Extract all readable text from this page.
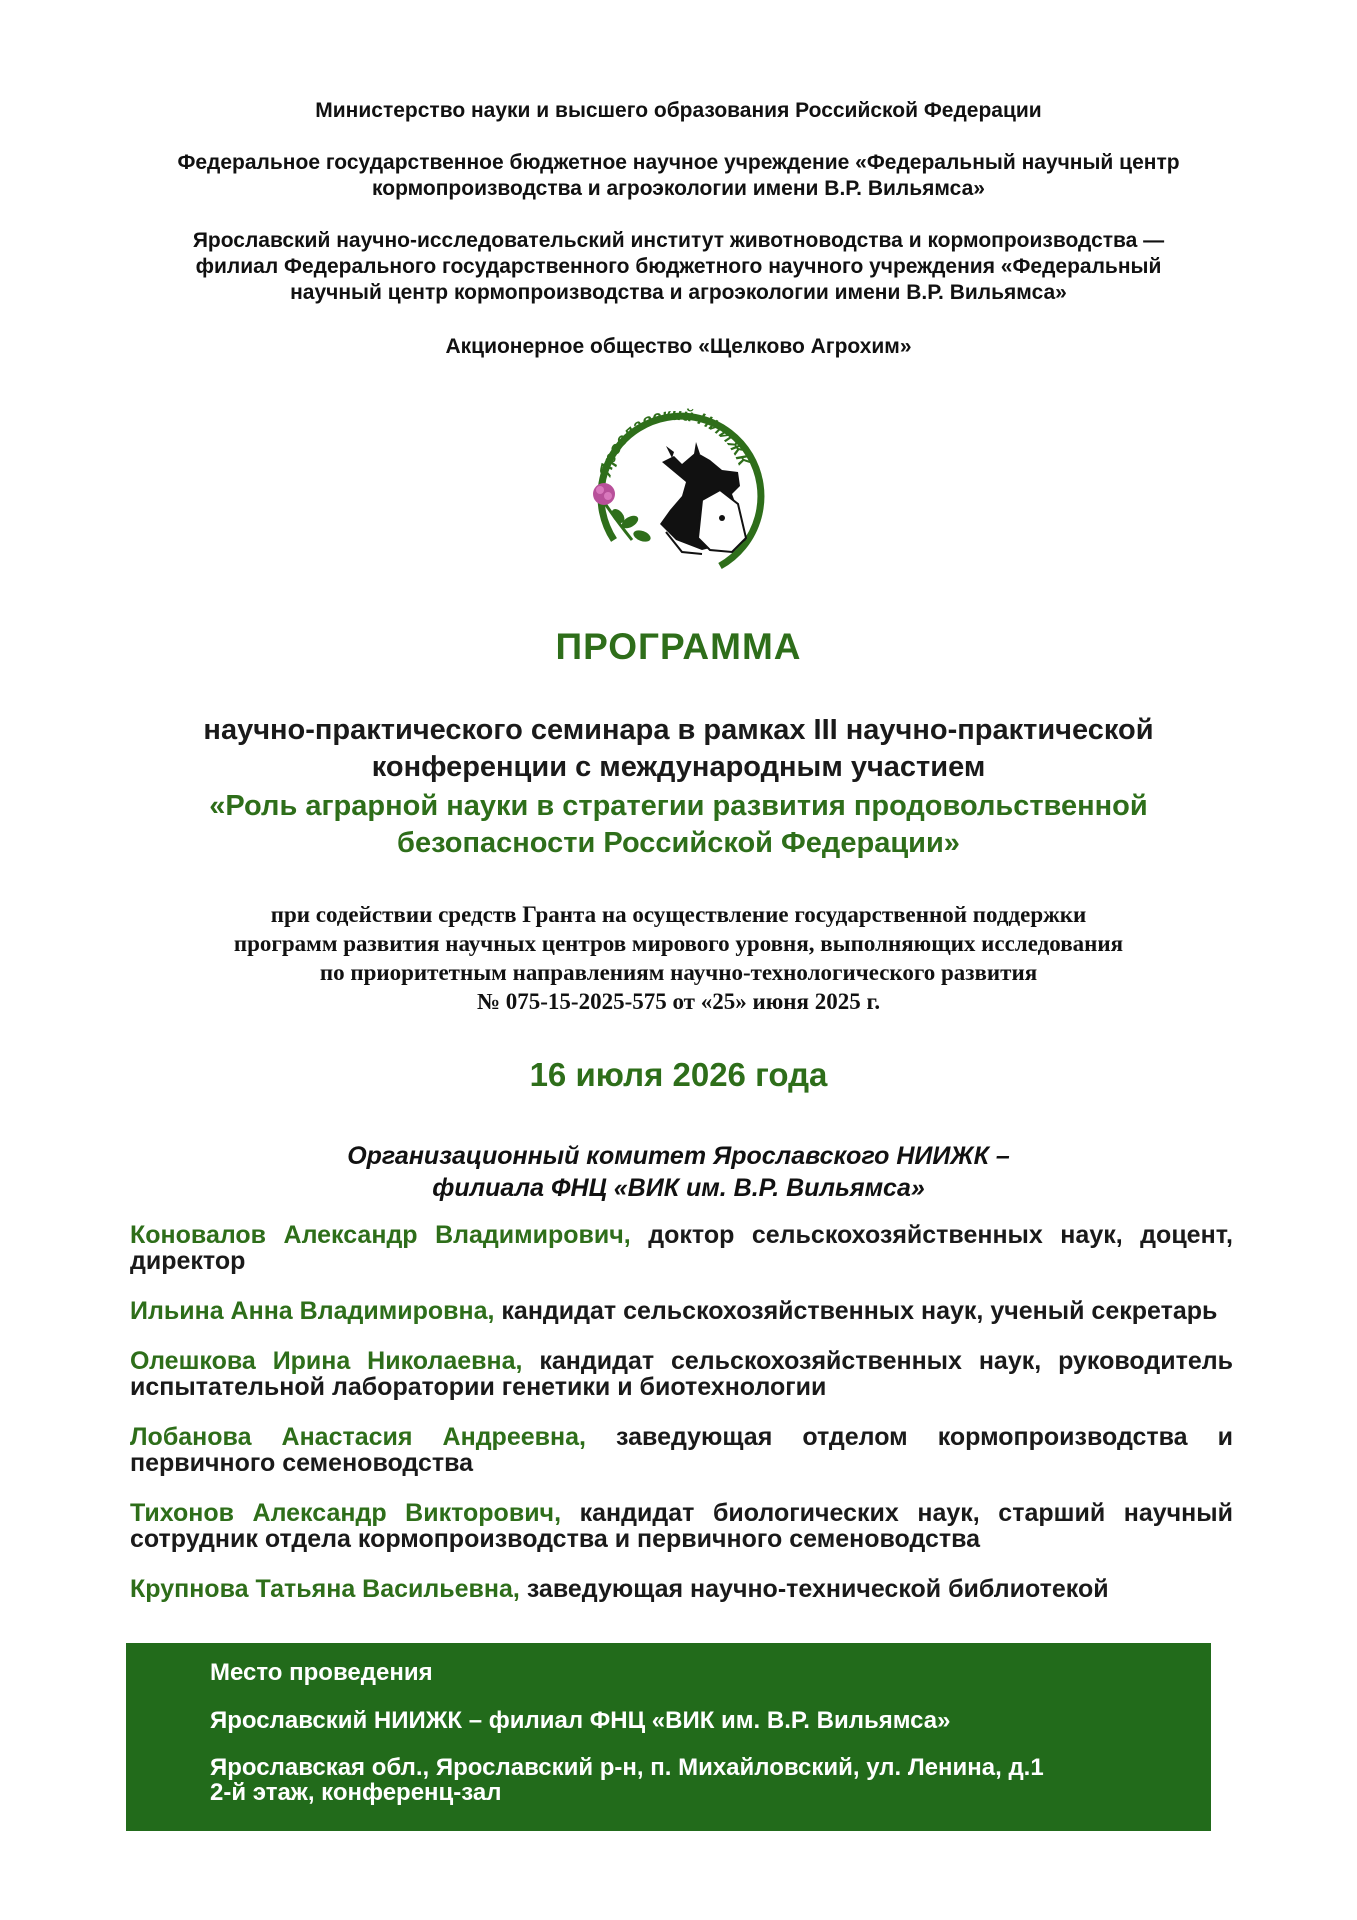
Министерство науки и высшего образования Российской Федерации
Федеральное государственное бюджетное научное учреждение «Федеральный научный центр
кормопроизводства и агроэкологии имени В.Р. Вильямса»
Ярославский научно-исследовательский институт животноводства и кормопроизводства —
филиал Федерального государственного бюджетного научного учреждения «Федеральный
научный центр кормопроизводства и агроэкологии имени В.Р. Вильямса»
Акционерное общество «Щелково Агрохим»
Ярославский НИИЖК
ПРОГРАММА
научно-практического семинара в рамках III научно-практической
конференции с международным участием
«Роль аграрной науки в стратегии развития продовольственной
безопасности Российской Федерации»
при содействии средств Гранта на осуществление государственной поддержки
программ развития научных центров мирового уровня, выполняющих исследования
по приоритетным направлениям научно-технологического развития
№ 075-15-2025-575 от «25» июня 2025 г.
16 июля 2026 года
Организационный комитет Ярославского НИИЖК –
филиала ФНЦ «ВИК им. В.Р. Вильямса»

Коновалов Александр Владимирович, доктор сельскохозяйственных наук, доцент, директор

Ильина Анна Владимировна, кандидат сельскохозяйственных наук, ученый секретарь

Олешкова Ирина Николаевна, кандидат сельскохозяйственных наук, руководитель испытательной лаборатории генетики и биотехнологии

Лобанова Анастасия Андреевна, заведующая отделом кормопроизводства и первичного семеноводства

Тихонов Александр Викторович, кандидат биологических наук, старший научный сотрудник отдела кормопроизводства и первичного семеноводства

Крупнова Татьяна Васильевна, заведующая научно-технической библиотекой

Место проведения
Ярославский НИИЖК – филиал ФНЦ «ВИК им. В.Р. Вильямса»
Ярославская обл., Ярославский р-н, п. Михайловский, ул. Ленина, д.1
2-й этаж, конференц-зал
